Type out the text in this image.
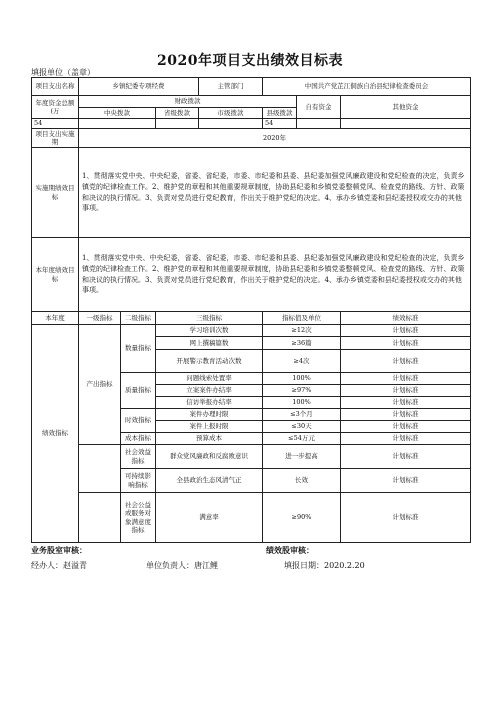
2020年项目支出绩效目标表
填报单位（盖章）
项目支出名称	乡镇纪委专项经费			主管部门	中国共产党芷江侗族自治县纪律检查委员会		
年度资金总额(万	财政拨款					自有资金	其他资金
	中央拨款		省级拨款	市级拨款	县级拨款		
54					54		
项目支出实施期	2020年						
实施期绩效目标	1、贯彻落实党中央、中央纪委，省委、省纪委，市委、市纪委和县委、县纪委加强党风廉政建设和党纪检查的决定，负责乡镇党的纪律检查工作。2、维护党的章程和其他重要规章制度，协助县纪委和乡镇党委整顿党风、检查党的路线、方针、政策和决议的执行情况。3、负责对党员进行党纪教育，作出关于维护党纪的决定。4、承办乡镇党委和县纪委授权或交办的其他事项。						
本年度绩效目标	1、贯彻落实党中央、中央纪委，省委、省纪委，市委、市纪委和县委、县纪委加强党风廉政建设和党纪检查的决定，负责乡镇党的纪律检查工作。2、维护党的章程和其他重要规章制度，协助县纪委和乡镇党委整顿党风、检查党的路线、方针、政策和决议的执行情况。3、负责对党员进行党纪教育，作出关于维护党纪的决定。4、承办乡镇党委和县纪委授权或交办的其他事项。						
本年度	一级指标	二级指标	三级指标		指标值及单位		绩效标准
绩效指标	产出指标	数量指标	学习培训次数		≥12次		计划标准
			网上撰稿篇数		≥36篇		计划标准
			开展警示教育活动次数		≥4次		计划标准
		质量指标	问题线索处置率		100%		计划标准
			立案案件办结率		≥97%		计划标准
			信访举报办结率		100%		计划标准
		时效指标	案件办理时限		≤3个月		计划标准
			案件上报时限		≤30天		计划标准
		成本指标	预算成本		≤54万元		计划标准
		社会效益指标	群众党风廉政和反腐败意识		进一步提高		计划标准
		可持续影响指标	全县政治生态风清气正		长效		计划标准
		社会公益或服务对象满意度指标	满意率		≥90%		计划标准
业务股室审核：	绩效股审核：
经办人：赵溢青	单位负责人：唐江鲤	填报日期：2020.2.20
